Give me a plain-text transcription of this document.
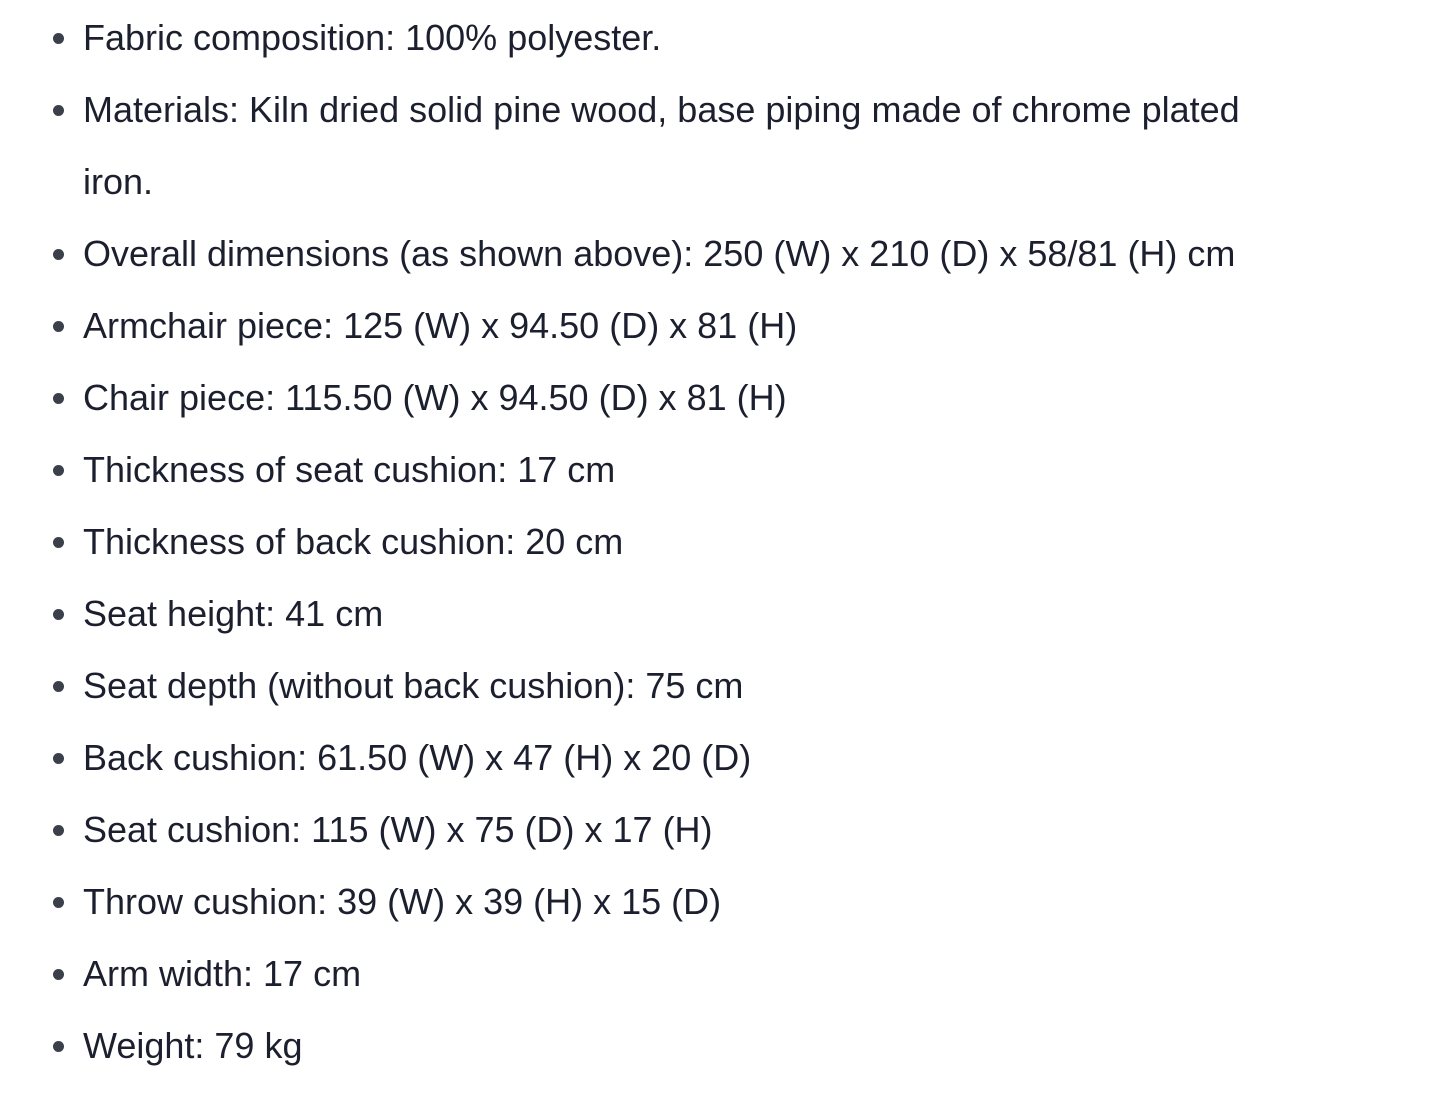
Fabric composition: 100% polyester.
Materials: Kiln dried solid pine wood, base piping made of chrome plated iron.
Overall dimensions (as shown above): 250 (W) x 210 (D) x 58/81 (H) cm
Armchair piece: 125 (W) x 94.50 (D) x 81 (H)
Chair piece: 115.50 (W) x 94.50 (D) x 81 (H)
Thickness of seat cushion: 17 cm
Thickness of back cushion: 20 cm
Seat height: 41 cm
Seat depth (without back cushion): 75 cm
Back cushion: 61.50 (W) x 47 (H) x 20 (D)
Seat cushion: 115 (W) x 75 (D) x 17 (H)
Throw cushion: 39 (W) x 39 (H) x 15 (D)
Arm width: 17 cm
Weight: 79 kg
